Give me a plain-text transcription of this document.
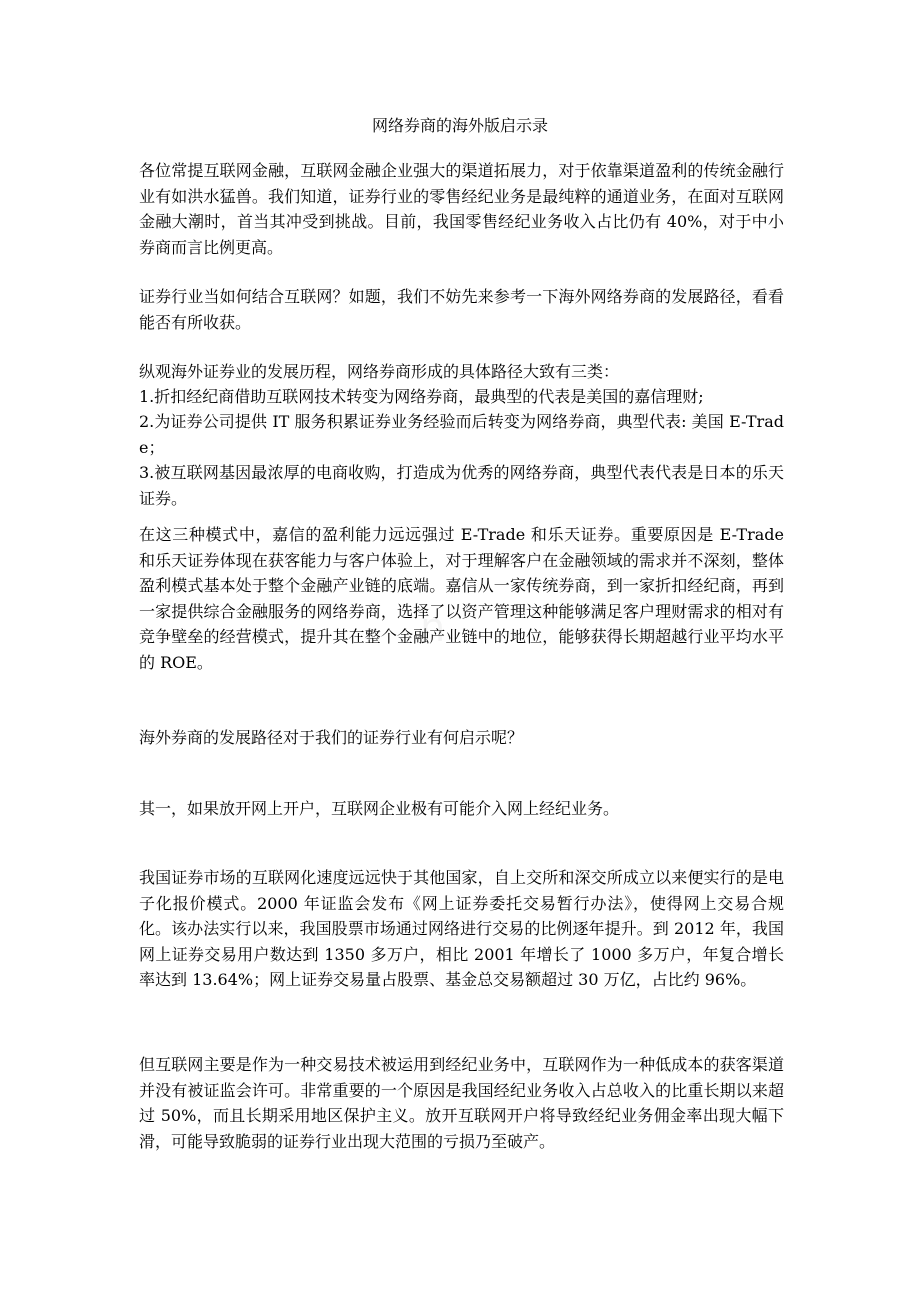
网络券商的海外版启示录

各位常提互联网金融，互联网金融企业强大的渠道拓展力，对于依靠渠道盈利的传统金融行业有如洪水猛兽。我们知道，证券行业的零售经纪业务是最纯粹的通道业务，在面对互联网金融大潮时，首当其冲受到挑战。目前，我国零售经纪业务收入占比仍有 40%，对于中小券商而言比例更高。

证券行业当如何结合互联网？如题，我们不妨先来参考一下海外网络券商的发展路径，看看能否有所收获。

纵观海外证券业的发展历程，网络券商形成的具体路径大致有三类：

1.折扣经纪商借助互联网技术转变为网络券商，最典型的代表是美国的嘉信理财;

2.为证券公司提供 IT 服务积累证券业务经验而后转变为网络券商，典型代表: 美国 E-Trade；

3.被互联网基因最浓厚的电商收购，打造成为优秀的网络券商，典型代表代表是日本的乐天证券。

在这三种模式中，嘉信的盈利能力远远强过 E-Trade 和乐天证券。重要原因是 E-Trade 和乐天证券体现在获客能力与客户体验上，对于理解客户在金融领域的需求并不深刻，整体盈利模式基本处于整个金融产业链的底端。嘉信从一家传统券商，到一家折扣经纪商，再到一家提供综合金融服务的网络券商，选择了以资产管理这种能够满足客户理财需求的相对有竞争壁垒的经营模式，提升其在整个金融产业链中的地位，能够获得长期超越行业平均水平的 ROE。

海外券商的发展路径对于我们的证券行业有何启示呢？

其一，如果放开网上开户，互联网企业极有可能介入网上经纪业务。

我国证券市场的互联网化速度远远快于其他国家，自上交所和深交所成立以来便实行的是电子化报价模式。2000 年证监会发布《网上证券委托交易暂行办法》，使得网上交易合规化。该办法实行以来，我国股票市场通过网络进行交易的比例逐年提升。到 2012 年，我国网上证券交易用户数达到 1350 多万户，相比 2001 年增长了 1000 多万户，年复合增长率达到 13.64%；网上证券交易量占股票、基金总交易额超过 30 万亿，占比约 96%。

但互联网主要是作为一种交易技术被运用到经纪业务中，互联网作为一种低成本的获客渠道并没有被证监会许可。非常重要的一个原因是我国经纪业务收入占总收入的比重长期以来超过 50%，而且长期采用地区保护主义。放开互联网开户将导致经纪业务佣金率出现大幅下滑，可能导致脆弱的证券行业出现大范围的亏损乃至破产。
